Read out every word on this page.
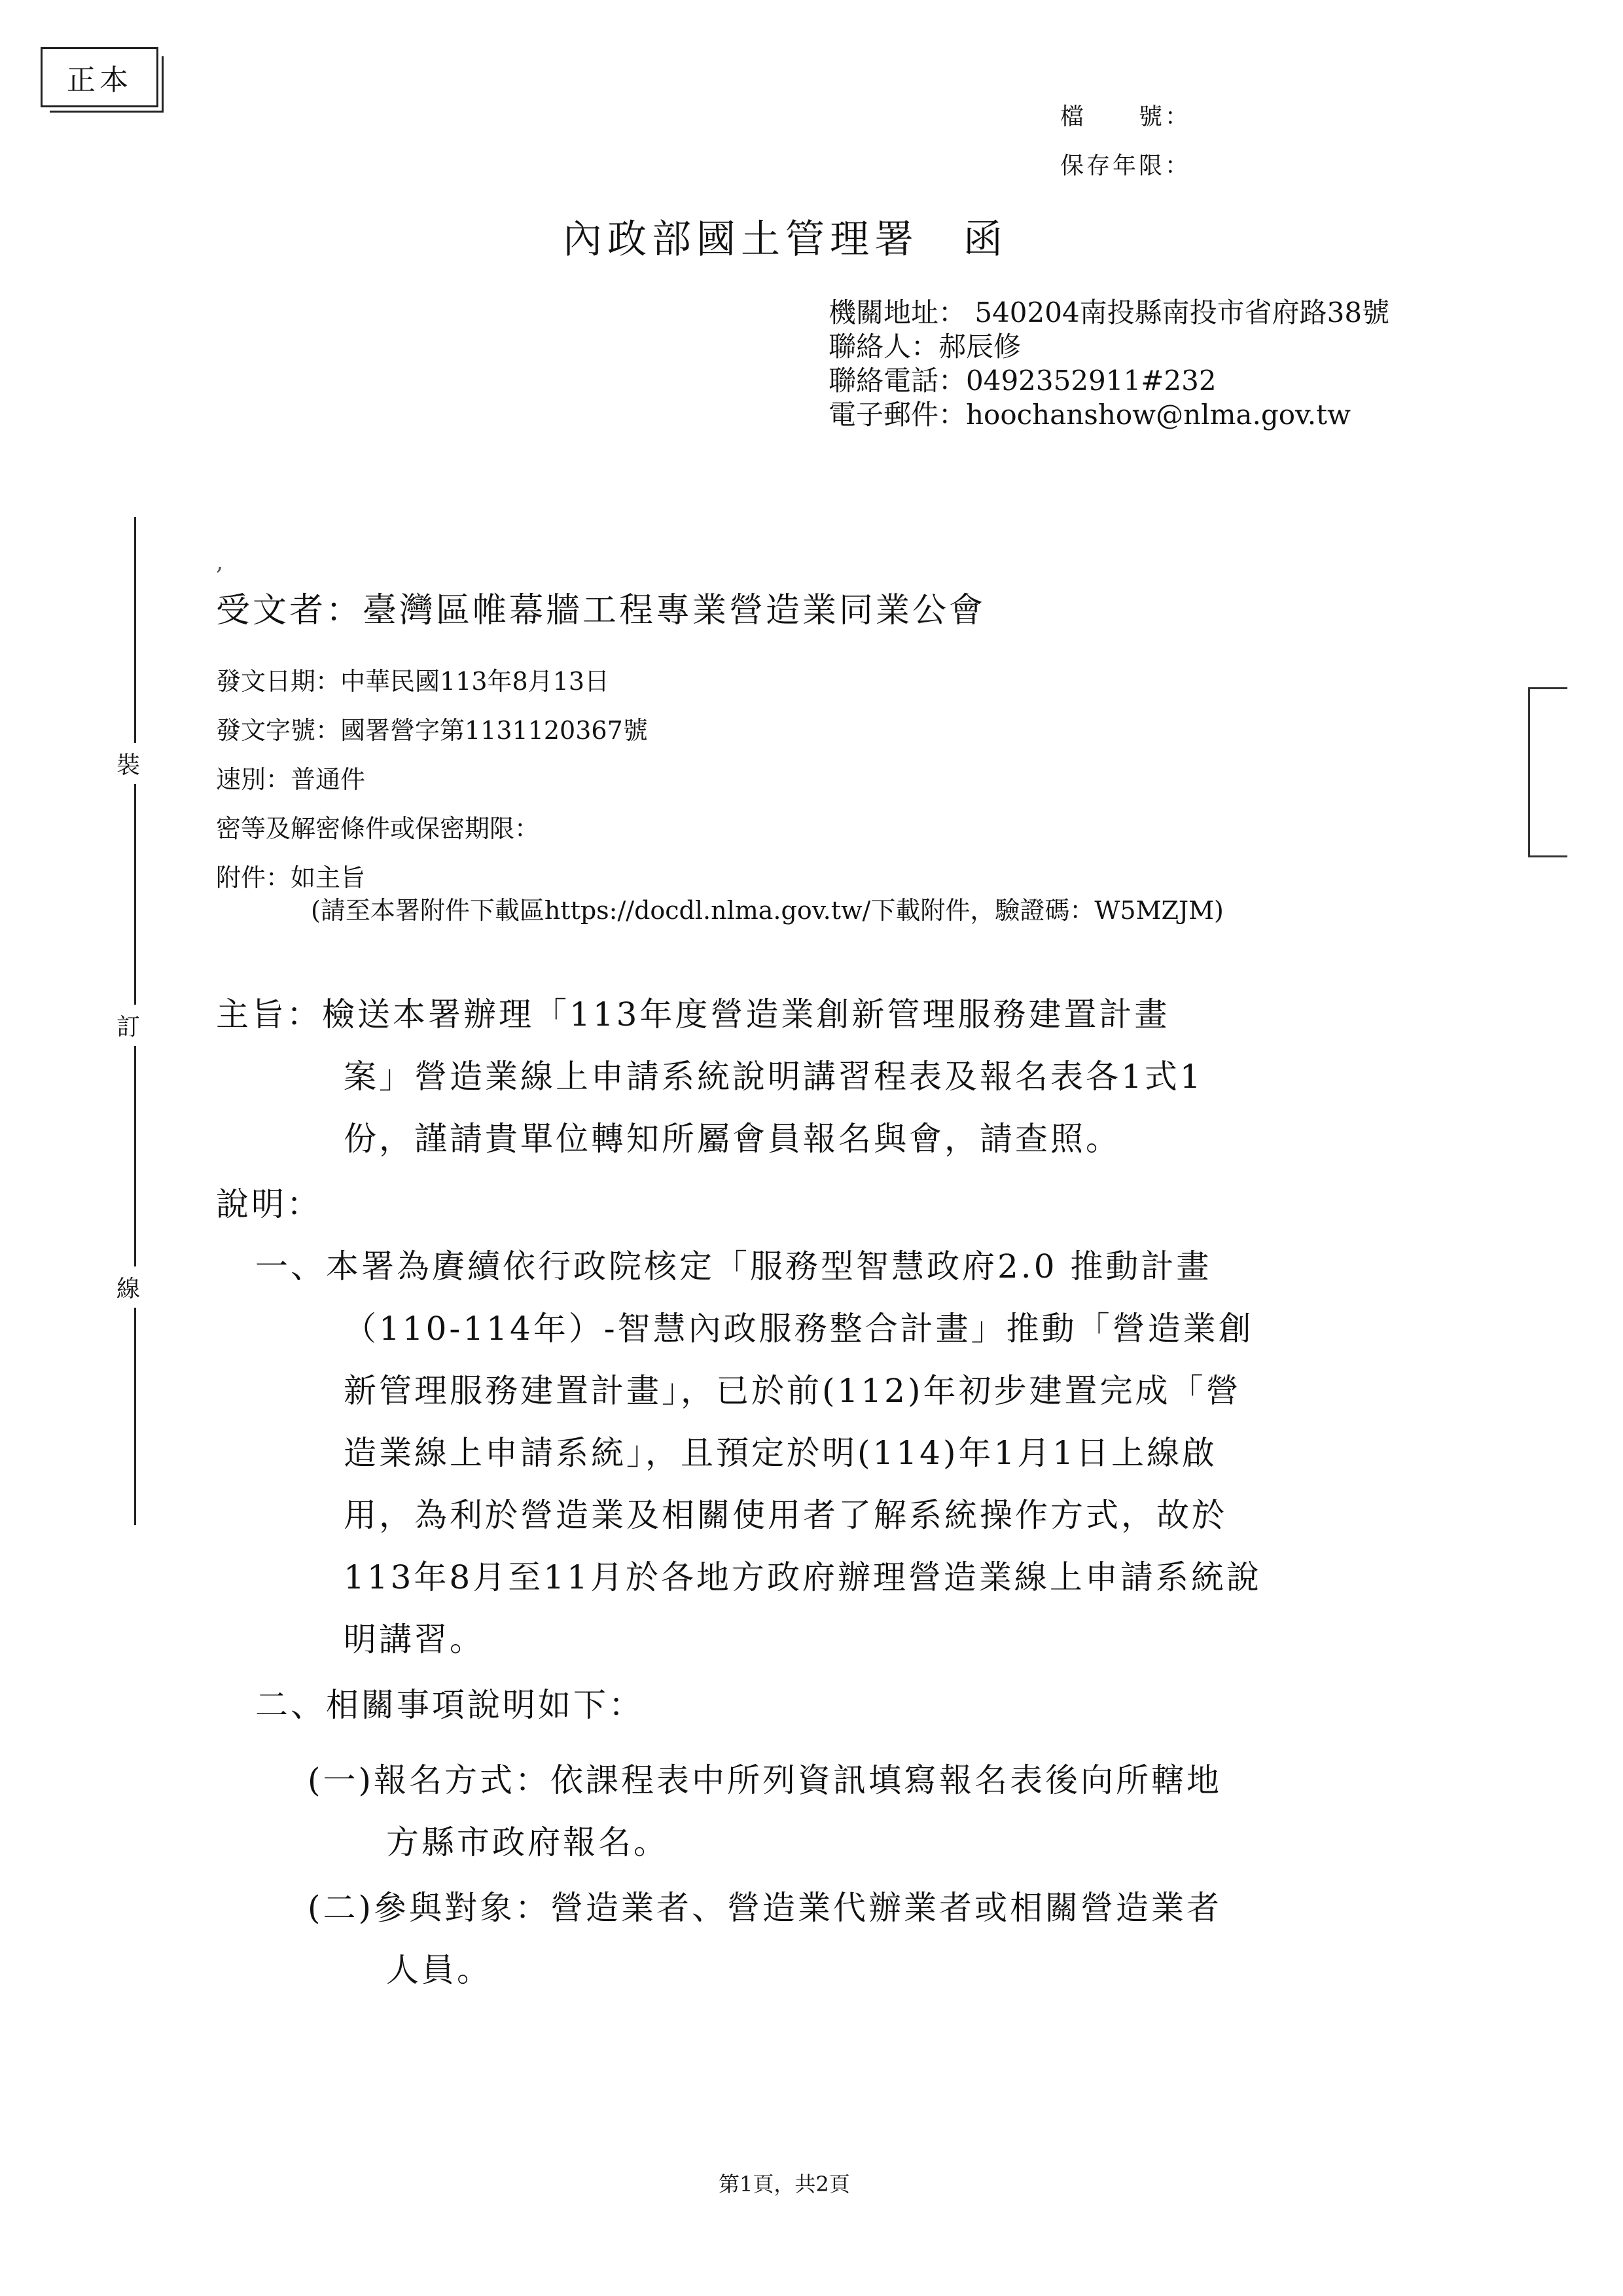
正本
檔　　號：
保存年限：
內政部國土管理署　函
機關地址： 540204南投縣南投市省府路38號
聯絡人：郝辰修
聯絡電話：0492352911#232
電子郵件：hoochanshow@nlma.gov.tw
裝
訂
線
,
受文者：臺灣區帷幕牆工程專業營造業同業公會
發文日期：中華民國113年8月13日
發文字號：國署營字第1131120367號
速別：普通件
密等及解密條件或保密期限：
附件：如主旨
(請至本署附件下載區https://docdl.nlma.gov.tw/下載附件，驗證碼：W5MZJM)
主旨：檢送本署辦理「113年度營造業創新管理服務建置計畫
案」營造業線上申請系統說明講習程表及報名表各1式1
份，謹請貴單位轉知所屬會員報名與會，請查照。
說明：
一、本署為賡續依行政院核定「服務型智慧政府2.0 推動計畫
（110-114年）-智慧內政服務整合計畫」推動「營造業創
新管理服務建置計畫」，已於前(112)年初步建置完成「營
造業線上申請系統」，且預定於明(114)年1月1日上線啟
用，為利於營造業及相關使用者了解系統操作方式，故於
113年8月至11月於各地方政府辦理營造業線上申請系統說
明講習。
二、相關事項說明如下：
(一)報名方式：依課程表中所列資訊填寫報名表後向所轄地
方縣市政府報名。
(二)參與對象：營造業者、營造業代辦業者或相關營造業者
人員。
第1頁，共2頁
